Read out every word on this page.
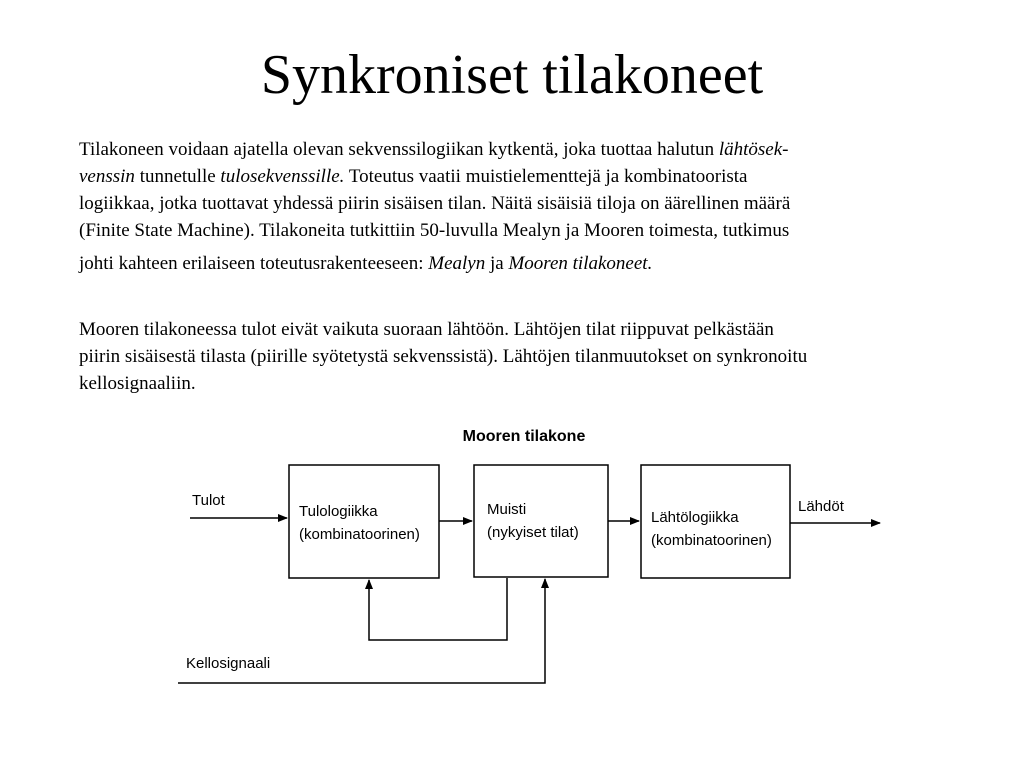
Synkroniset tilakoneet

Tilakoneen voidaan ajatella olevan sekvenssilogiikan kytkentä, joka tuottaa halutun lähtösek-
venssin tunnetulle tulosekvenssille. Toteutus vaatii muistielementtejä ja kombinatoorista
logiikkaa, jotka tuottavat yhdessä piirin sisäisen tilan. Näitä sisäisiä tiloja on äärellinen määrä
(Finite State Machine). Tilakoneita tutkittiin 50-luvulla Mealyn ja Mooren toimesta, tutkimus
johti kahteen erilaiseen toteutusrakenteeseen: Mealyn ja Mooren tilakoneet.

Mooren tilakoneessa tulot eivät vaikuta suoraan lähtöön. Lähtöjen tilat riippuvat pelkästään
piirin sisäisestä tilasta (piirille syötetystä sekvenssistä). Lähtöjen tilanmuutokset on synkronoitu
kellosignaaliin.

Mooren tilakone
Tulologiikka
(kombinatoorinen)
Muisti
(nykyiset tilat)
Lähtölogiikka
(kombinatoorinen)
Tulot	Lähdöt
Kellosignaali
